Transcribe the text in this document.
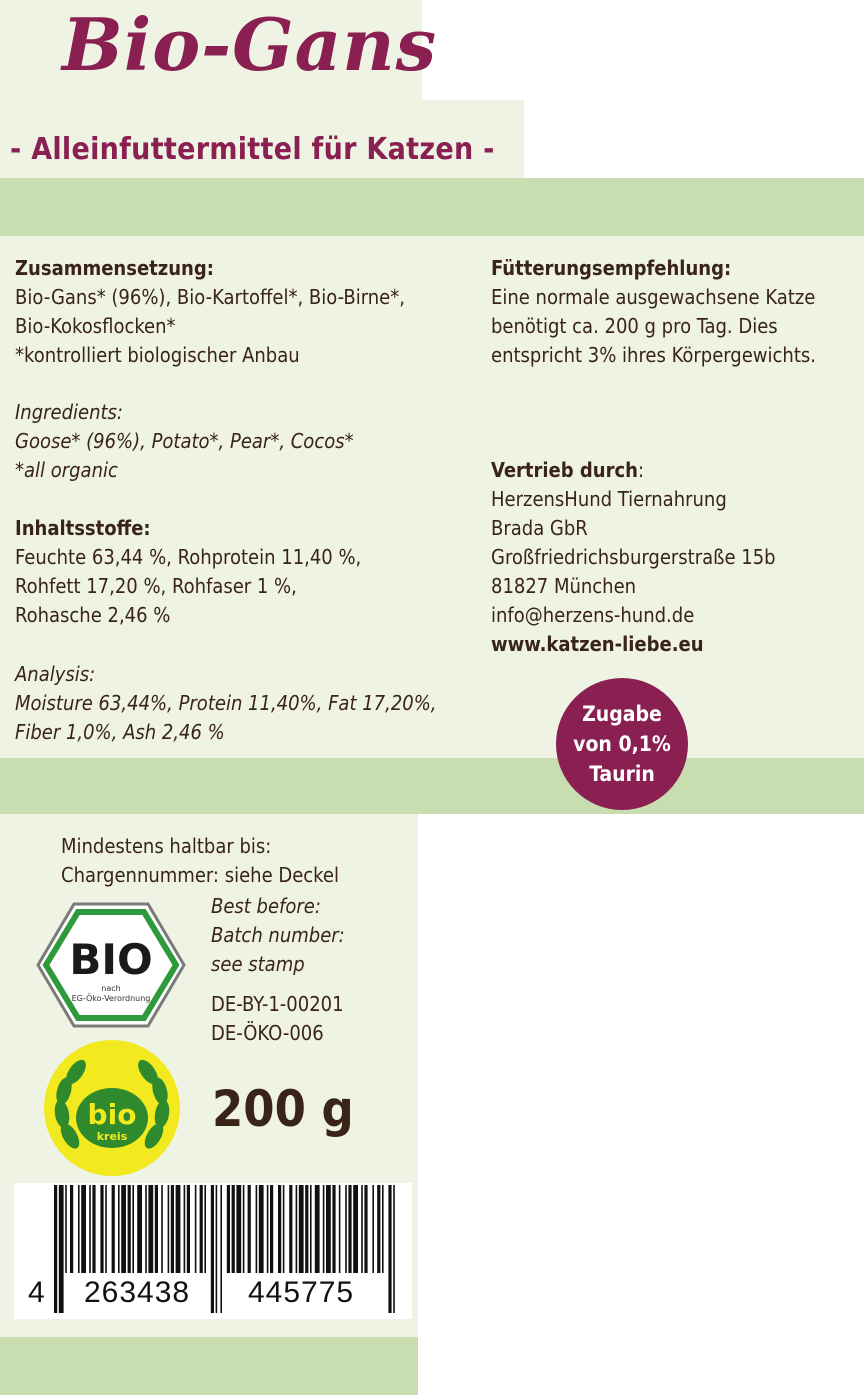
Bio-Gans
- Alleinfuttermittel für Katzen -
Zusammensetzung:
Bio-Gans* (96%), Bio-Kartoffel*, Bio-Birne*,
Bio-Kokosflocken*
*kontrolliert biologischer Anbau
Ingredients:
Goose* (96%), Potato*, Pear*, Cocos*
*all organic
Inhaltsstoffe:
Feuchte 63,44 %, Rohprotein 11,40 %,
Rohfett 17,20 %, Rohfaser 1 %,
Rohasche 2,46 %
Analysis:
Moisture 63,44%, Protein 11,40%, Fat 17,20%,
Fiber 1,0%, Ash 2,46 %
Fütterungsempfehlung:
Eine normale ausgewachsene Katze
benötigt ca. 200 g pro Tag. Dies
entspricht 3% ihres Körpergewichts.
Vertrieb durch:
HerzensHund Tiernahrung
Brada GbR
Großfriedrichsburgerstraße 15b
81827 München
info@herzens-hund.de
www.katzen-liebe.eu
Zugabe
von 0,1%
Taurin
Mindestens haltbar bis:
Chargennummer: siehe Deckel
Best before:
Batch number:
see stamp
DE-BY-1-00201
DE-ÖKO-006
BIO
nach
EG-Öko-Verordnung
bio
kreis 200 g
4 263438 445775
